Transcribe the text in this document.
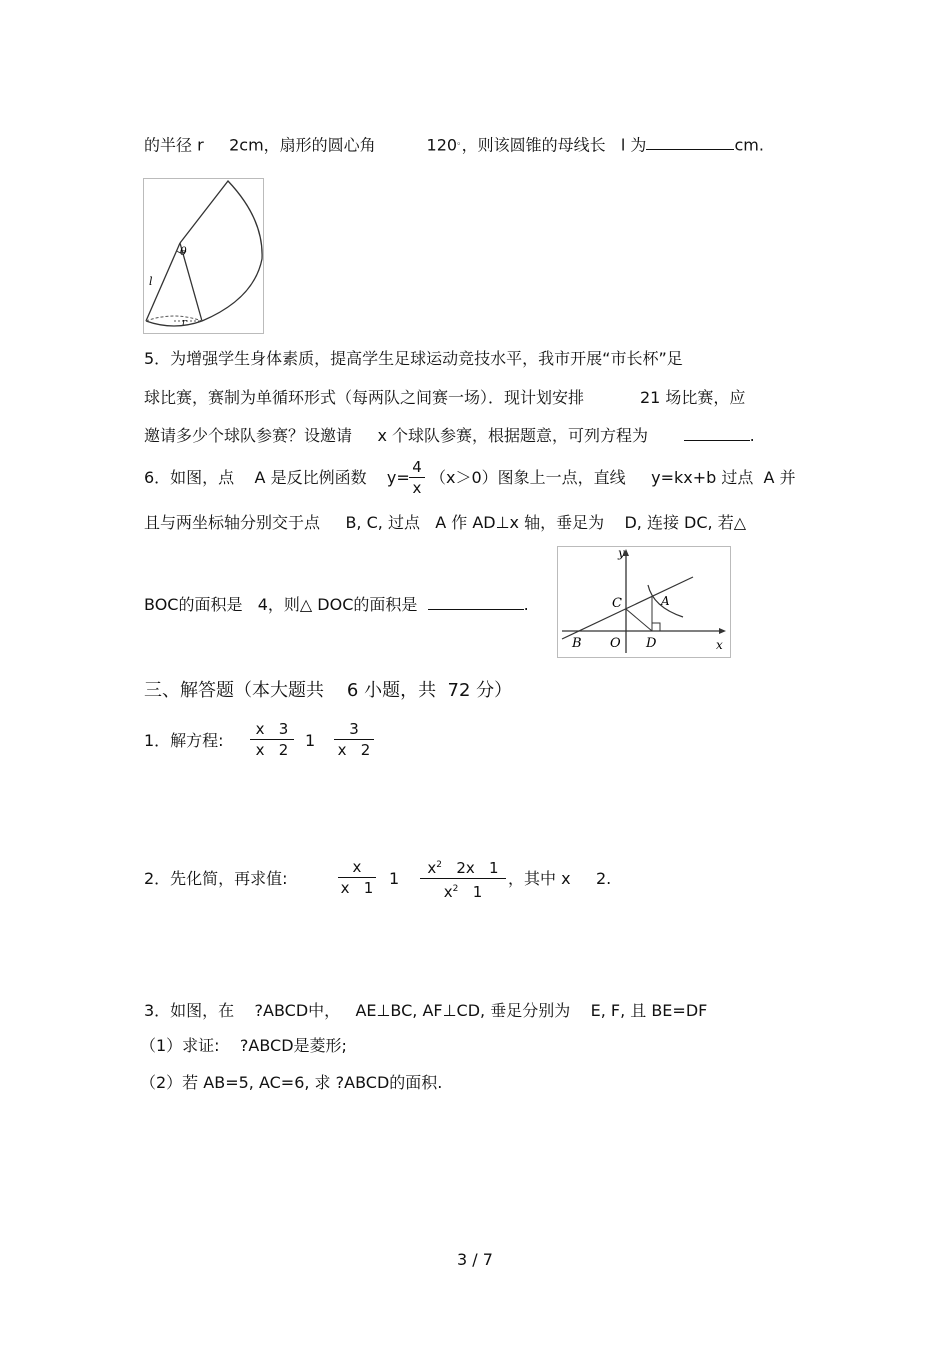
的半径 r 2cm，扇形的圆心角	120。，则该圆锥的母线长 l 为	cm.
θ
l
r
5．为增强学生身体素质，提高学生足球运动竞技水平，我市开展“市长杯”足
球比赛，赛制为单循环形式（每两队之间赛一场）．现计划安排	21 场比赛，应
邀请多少个球队参赛？设邀请 x 个球队参赛，根据题意，可列方程为	.
6．如图，点 A 是反比例函数 y=
4
x
（x＞0）图象上一点，直线 y=kx+b 过点 A 并
且与两坐标轴分别交于点 B, C, 过点 A 作 AD⊥x 轴，垂足为 D, 连接 DC, 若△
BOC的面积是 4，则△ DOC的面积是	.
y
x
C	A
B O D
三、解答题（本大题共 6 小题，共 72 分）
1．解方程:
x   3
x   2	1
3
x   2
2．先化简，再求值:
x
x   1 1
$x^2$ 2x   1
$x^2$ 1
，其中 x 2.
3．如图，在 ?ABCD中， AE⊥BC, AF⊥CD, 垂足分别为 E, F, 且 BE=DF
（1）求证: ?ABCD是菱形;
（2）若 AB=5, AC=6, 求 ?ABCD的面积.
3 / 7
